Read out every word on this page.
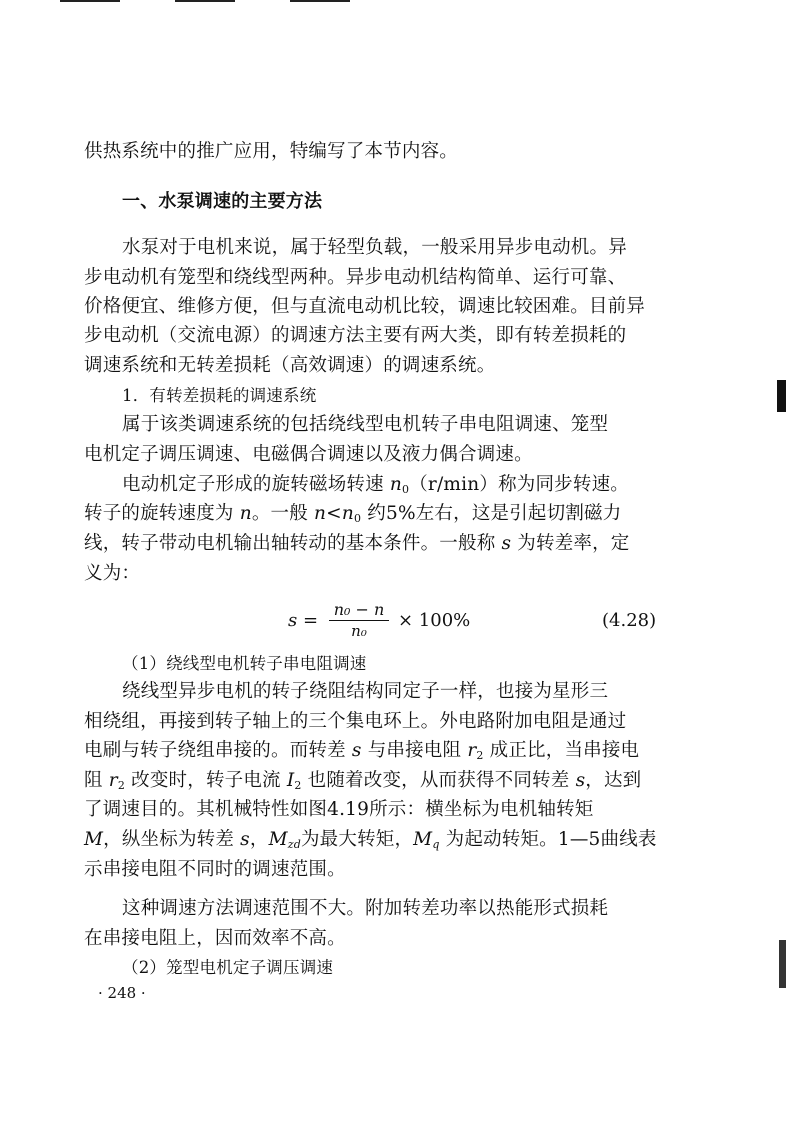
供热系统中的推广应用，特编写了本节内容。
一、水泵调速的主要方法
水泵对于电机来说，属于轻型负载，一般采用异步电动机。异
步电动机有笼型和绕线型两种。异步电动机结构简单、运行可靠、
价格便宜、维修方便，但与直流电动机比较，调速比较困难。目前异
步电动机（交流电源）的调速方法主要有两大类，即有转差损耗的
调速系统和无转差损耗（高效调速）的调速系统。
1．有转差损耗的调速系统
属于该类调速系统的包括绕线型电机转子串电阻调速、笼型
电机定子调压调速、电磁偶合调速以及液力偶合调速。
电动机定子形成的旋转磁场转速 n0（r/min）称为同步转速。
转子的旋转速度为 n。一般 n<n0 约5%左右，这是引起切割磁力
线，转子带动电机输出轴转动的基本条件。一般称 s 为转差率，定
义为：
s =
n₀ − n
n₀	× 100%	(4.28)
（1）绕线型电机转子串电阻调速
绕线型异步电机的转子绕阻结构同定子一样，也接为星形三
相绕组，再接到转子轴上的三个集电环上。外电路附加电阻是通过
电刷与转子绕组串接的。而转差 s 与串接电阻 r2 成正比，当串接电
阻 r2 改变时，转子电流 I2 也随着改变，从而获得不同转差 s，达到
了调速目的。其机械特性如图4.19所示：横坐标为电机轴转矩
M，纵坐标为转差 s，Mzd为最大转矩，Mq 为起动转矩。1—5曲线表
示串接电阻不同时的调速范围。
这种调速方法调速范围不大。附加转差功率以热能形式损耗
在串接电阻上，因而效率不高。
（2）笼型电机定子调压调速
· 248 ·
